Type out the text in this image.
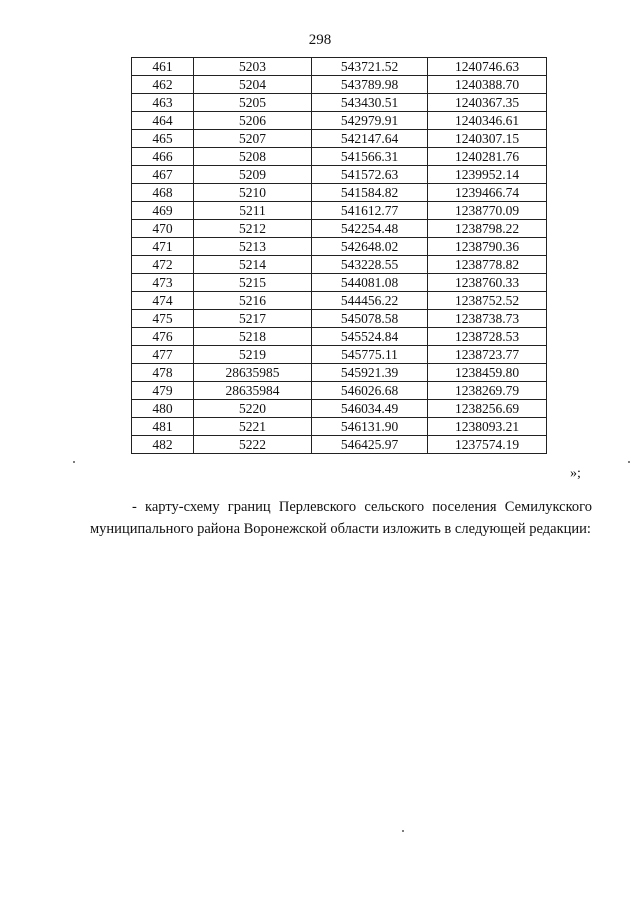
298
461	5203	543721.52	1240746.63
462	5204	543789.98	1240388.70
463	5205	543430.51	1240367.35
464	5206	542979.91	1240346.61
465	5207	542147.64	1240307.15
466	5208	541566.31	1240281.76
467	5209	541572.63	1239952.14
468	5210	541584.82	1239466.74
469	5211	541612.77	1238770.09
470	5212	542254.48	1238798.22
471	5213	542648.02	1238790.36
472	5214	543228.55	1238778.82
473	5215	544081.08	1238760.33
474	5216	544456.22	1238752.52
475	5217	545078.58	1238738.73
476	5218	545524.84	1238728.53
477	5219	545775.11	1238723.77
478	28635985	545921.39	1238459.80
479	28635984	546026.68	1238269.79
480	5220	546034.49	1238256.69
481	5221	546131.90	1238093.21
482	5222	546425.97	1237574.19
»;
- карту-схему границ Перлевского сельского поселения Семилукского муниципального района Воронежской области изложить в следующей редакции:
